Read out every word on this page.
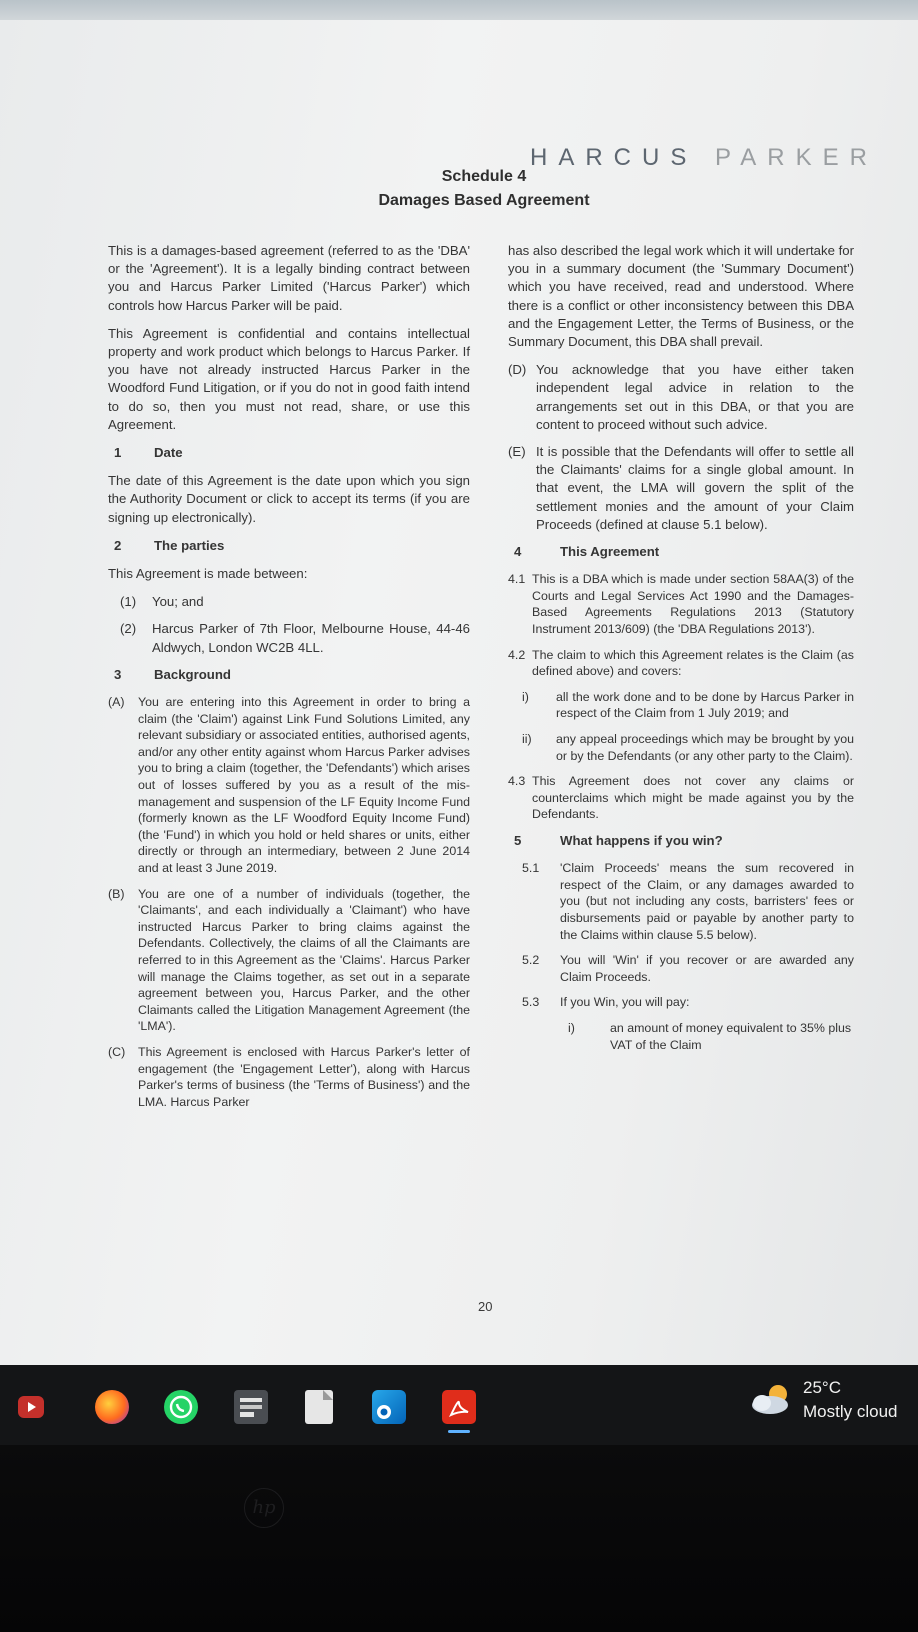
HARCUS PARKER
Schedule 4
Damages Based Agreement

This is a damages-based agreement (referred to as the 'DBA' or the 'Agreement'). It is a legally binding contract between you and Harcus Parker Limited ('Harcus Parker') which controls how Harcus Parker will be paid.

This Agreement is confidential and contains intellectual property and work product which belongs to Harcus Parker. If you have not already instructed Harcus Parker in the Woodford Fund Litigation, or if you do not in good faith intend to do so, then you must not read, share, or use this Agreement.

1	Date

The date of this Agreement is the date upon which you sign the Authority Document or click to accept its terms (if you are signing up electronically).

2	The parties

This Agreement is made between:

(1)	You; and
(2)	Harcus Parker of 7th Floor, Melbourne House, 44-46 Aldwych, London WC2B 4LL.
3	Background
(A)	You are entering into this Agreement in order to bring a claim (the 'Claim') against Link Fund Solutions Limited, any relevant subsidiary or associated entities, authorised agents, and/or any other entity against whom Harcus Parker advises you to bring a claim (together, the 'Defendants') which arises out of losses suffered by you as a result of the mis-management and suspension of the LF Equity Income Fund (formerly known as the LF Woodford Equity Income Fund) (the 'Fund') in which you hold or held shares or units, either directly or through an intermediary, between 2 June 2014 and at least 3 June 2019.
(B)	You are one of a number of individuals (together, the 'Claimants', and each individually a 'Claimant') who have instructed Harcus Parker to bring claims against the Defendants. Collectively, the claims of all the Claimants are referred to in this Agreement as the 'Claims'. Harcus Parker will manage the Claims together, as set out in a separate agreement between you, Harcus Parker, and the other Claimants called the Litigation Management Agreement (the 'LMA').
(C)	This Agreement is enclosed with Harcus Parker's letter of engagement (the 'Engagement Letter'), along with Harcus Parker's terms of business (the 'Terms of Business') and the LMA. Harcus Parker

has also described the legal work which it will undertake for you in a summary document (the 'Summary Document') which you have received, read and understood. Where there is a conflict or other inconsistency between this DBA and the Engagement Letter, the Terms of Business, or the Summary Document, this DBA shall prevail.

(D) You acknowledge that you have either taken independent legal advice in relation to the arrangements set out in this DBA, or that you are content to proceed without such advice.
(E) It is possible that the Defendants will offer to settle all the Claimants' claims for a single global amount. In that event, the LMA will govern the split of the settlement monies and the amount of your Claim Proceeds (defined at clause 5.1 below).
4	This Agreement
4.1 This is a DBA which is made under section 58AA(3) of the Courts and Legal Services Act 1990 and the Damages-Based Agreements Regulations 2013 (Statutory Instrument 2013/609) (the 'DBA Regulations 2013').
4.2 The claim to which this Agreement relates is the Claim (as defined above) and covers:
i)	all the work done and to be done by Harcus Parker in respect of the Claim from 1 July 2019; and
ii)	any appeal proceedings which may be brought by you or by the Defendants (or any other party to the Claim).
4.3 This Agreement does not cover any claims or counterclaims which might be made against you by the Defendants.
5	What happens if you win?
5.1	'Claim Proceeds' means the sum recovered in respect of the Claim, or any damages awarded to you (but not including any costs, barristers' fees or disbursements paid or payable by another party to the Claims within clause 5.5 below).
5.2	You will 'Win' if you recover or are awarded any Claim Proceeds.
5.3	If you Win, you will pay:
i)	an amount of money equivalent to 35% plus VAT of the Claim
20
25°C
Mostly cloud
hp
